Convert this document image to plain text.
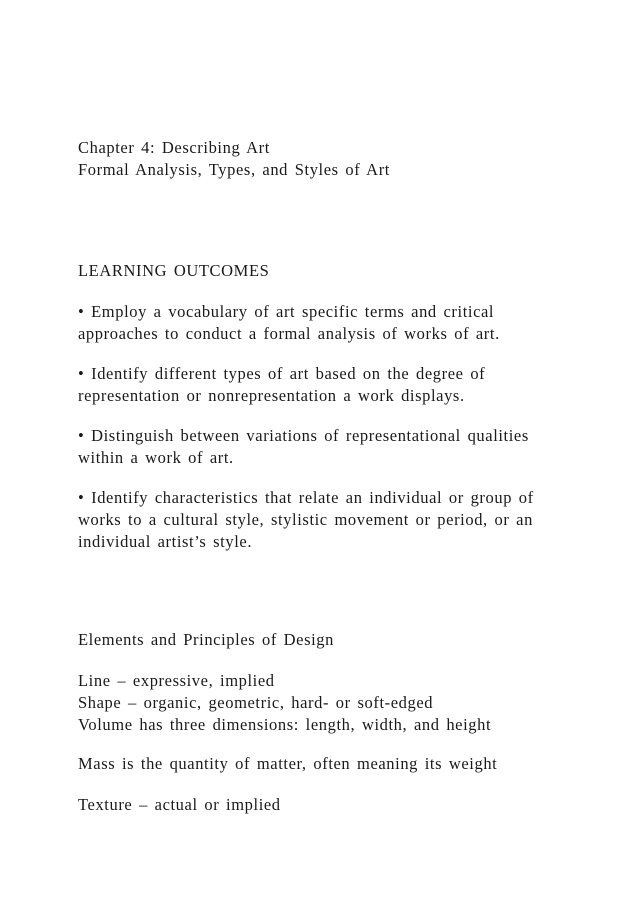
Chapter 4: Describing Art
Formal Analysis, Types, and Styles of Art
LEARNING OUTCOMES
• Employ a vocabulary of art specific terms and critical
approaches to conduct a formal analysis of works of art.
• Identify different types of art based on the degree of
representation or nonrepresentation a work displays.
• Distinguish between variations of representational qualities
within a work of art.
• Identify characteristics that relate an individual or group of
works to a cultural style, stylistic movement or period, or an
individual artist’s style.
Elements and Principles of Design
Line – expressive, implied
Shape – organic, geometric, hard- or soft-edged
Volume has three dimensions: length, width, and height
Mass is the quantity of matter, often meaning its weight
Texture – actual or implied
